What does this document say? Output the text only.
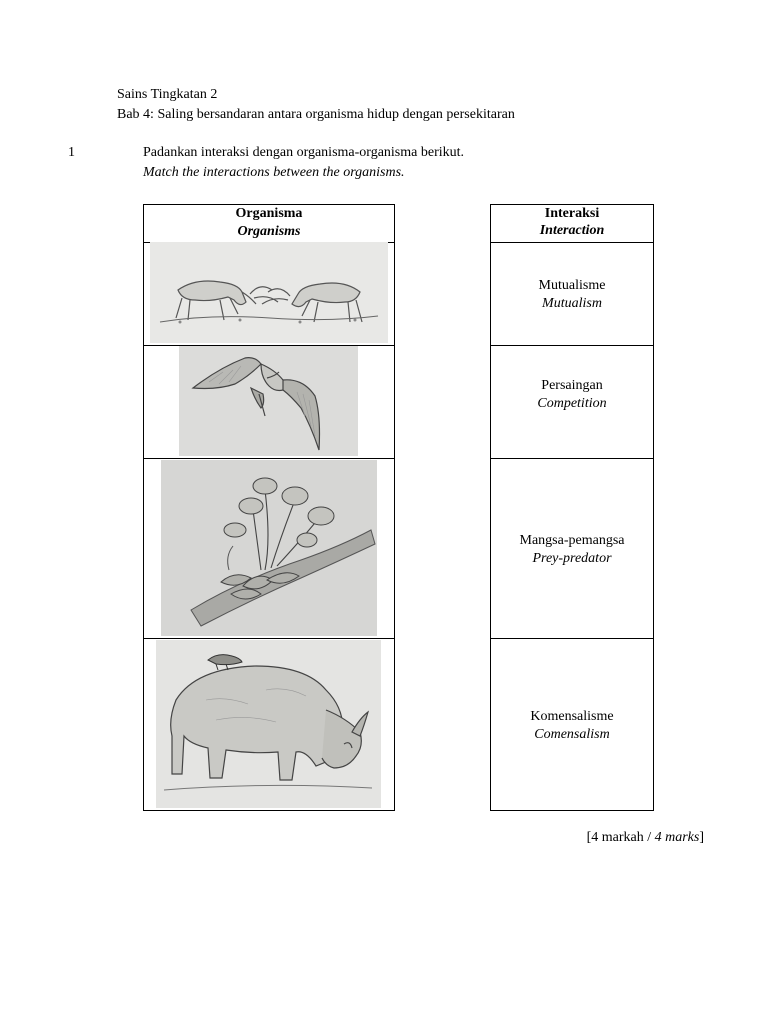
Sains Tingkatan 2
Bab 4: Saling bersandaran antara organisma hidup dengan persekitaran
1	Padankan interaksi dengan organisma-organisma berikut.
Match the interactions between the organisms.
Organisma
Organisms
Interaksi
Interaction
Mutualisme
Mutualism
Persaingan
Competition
Mangsa-pemangsa
Prey-predator
Komensalisme
Comensalism
[4 markah / 4 marks]
